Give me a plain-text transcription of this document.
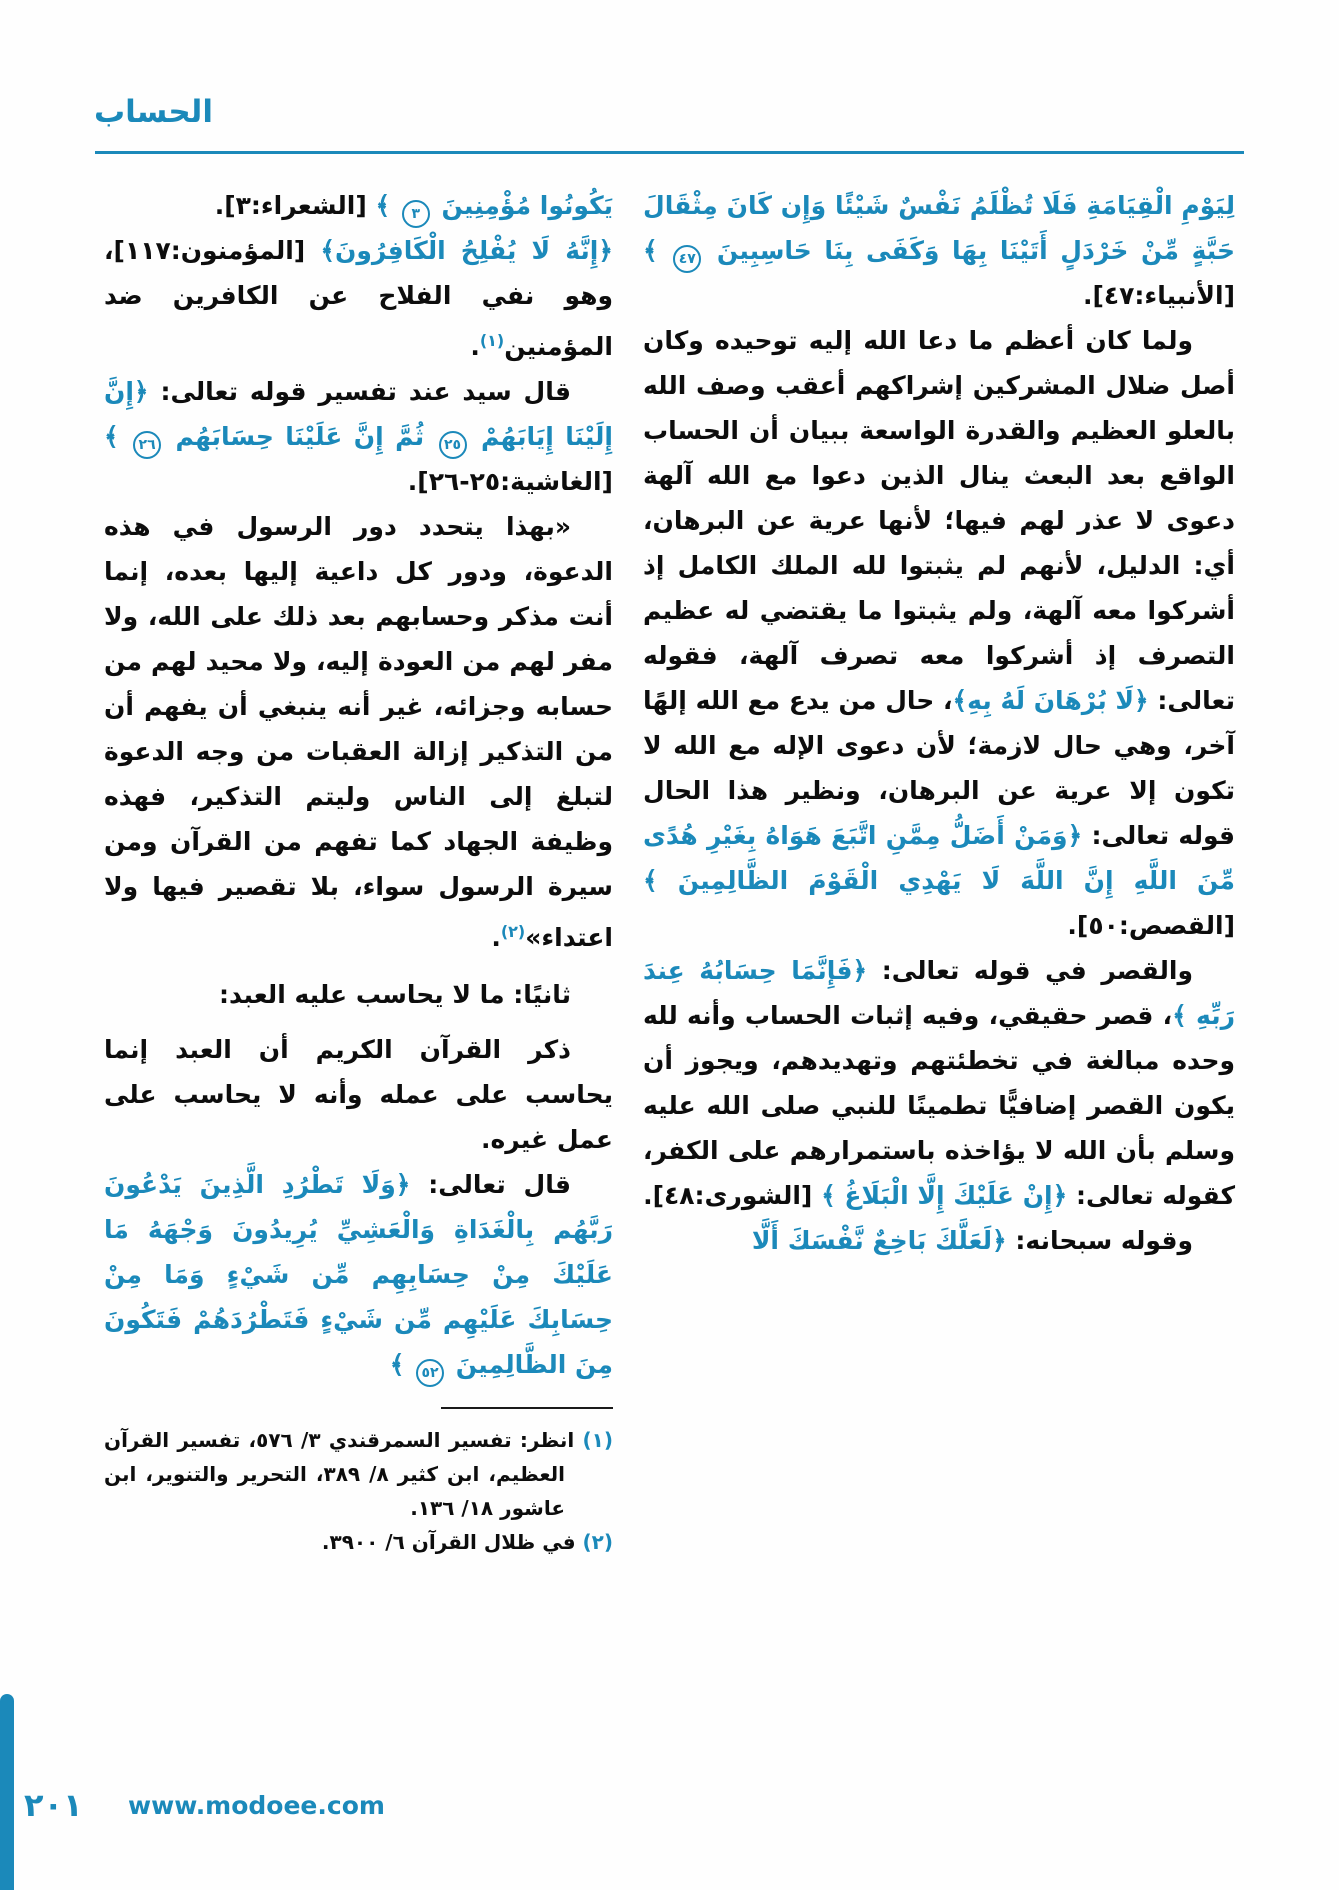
الحساب

لِيَوْمِ الْقِيَامَةِ فَلَا تُظْلَمُ نَفْسٌ شَيْئًا وَإِن كَانَ مِثْقَالَ حَبَّةٍ مِّنْ خَرْدَلٍ أَتَيْنَا بِهَا وَكَفَى بِنَا حَاسِبِينَ ٤٧ ﴾ [الأنبياء:٤٧].

ولما كان أعظم ما دعا الله إليه توحيده وكان أصل ضلال المشركين إشراكهم أعقب وصف الله بالعلو العظيم والقدرة الواسعة ببيان أن الحساب الواقع بعد البعث ينال الذين دعوا مع الله آلهة دعوى لا عذر لهم فيها؛ لأنها عرية عن البرهان، أي: الدليل، لأنهم لم يثبتوا لله الملك الكامل إذ أشركوا معه آلهة، ولم يثبتوا ما يقتضي له عظيم التصرف إذ أشركوا معه تصرف آلهة، فقوله تعالى: ﴿لَا بُرْهَانَ لَهُ بِهِ﴾، حال من يدع مع الله إلهًا آخر، وهي حال لازمة؛ لأن دعوى الإله مع الله لا تكون إلا عرية عن البرهان، ونظير هذا الحال قوله تعالى: ﴿وَمَنْ أَضَلُّ مِمَّنِ اتَّبَعَ هَوَاهُ بِغَيْرِ هُدًى مِّنَ اللَّهِ إِنَّ اللَّهَ لَا يَهْدِي الْقَوْمَ الظَّالِمِينَ ﴾ [القصص:٥٠].

والقصر في قوله تعالى: ﴿فَإِنَّمَا حِسَابُهُ عِندَ رَبِّهِ ﴾، قصر حقيقي، وفيه إثبات الحساب وأنه لله وحده مبالغة في تخطئتهم وتهديدهم، ويجوز أن يكون القصر إضافيًّا تطمينًا للنبي صلى الله عليه وسلم بأن الله لا يؤاخذه باستمرارهم على الكفر، كقوله تعالى: ﴿إِنْ عَلَيْكَ إِلَّا الْبَلَاغُ ﴾ [الشورى:٤٨].

وقوله سبحانه: ﴿لَعَلَّكَ بَاخِعٌ نَّفْسَكَ أَلَّا

يَكُونُوا مُؤْمِنِينَ ٣ ﴾ [الشعراء:٣].

﴿إِنَّهُ لَا يُفْلِحُ الْكَافِرُونَ﴾ [المؤمنون:١١٧]، وهو نفي الفلاح عن الكافرين ضد المؤمنين$^{(١)}$.

قال سيد عند تفسير قوله تعالى: ﴿إِنَّ إِلَيْنَا إِيَابَهُمْ ٢٥ ثُمَّ إِنَّ عَلَيْنَا حِسَابَهُم ٢٦ ﴾ [الغاشية:٢٥-٢٦].

«بهذا يتحدد دور الرسول في هذه الدعوة، ودور كل داعية إليها بعده، إنما أنت مذكر وحسابهم بعد ذلك على الله، ولا مفر لهم من العودة إليه، ولا محيد لهم من حسابه وجزائه، غير أنه ينبغي أن يفهم أن من التذكير إزالة العقبات من وجه الدعوة لتبلغ إلى الناس وليتم التذكير، فهذه وظيفة الجهاد كما تفهم من القرآن ومن سيرة الرسول سواء، بلا تقصير فيها ولا اعتداء»$^{(٢)}$.

ثانيًا: ما لا يحاسب عليه العبد:

ذكر القرآن الكريم أن العبد إنما يحاسب على عمله وأنه لا يحاسب على عمل غيره.

قال تعالى: ﴿وَلَا تَطْرُدِ الَّذِينَ يَدْعُونَ رَبَّهُم بِالْغَدَاةِ وَالْعَشِيِّ يُرِيدُونَ وَجْهَهُ مَا عَلَيْكَ مِنْ حِسَابِهِم مِّن شَيْءٍ وَمَا مِنْ حِسَابِكَ عَلَيْهِم مِّن شَيْءٍ فَتَطْرُدَهُمْ فَتَكُونَ مِنَ الظَّالِمِينَ ٥٢ ﴾

(١) انظر: تفسير السمرقندي ٣/ ٥٧٦، تفسير القرآن العظيم، ابن كثير ٨/ ٣٨٩، التحرير والتنوير، ابن عاشور ١٨/ ١٣٦.
(٢) في ظلال القرآن ٦/ ٣٩٠٠.
٢٠١ www.modoee.com
